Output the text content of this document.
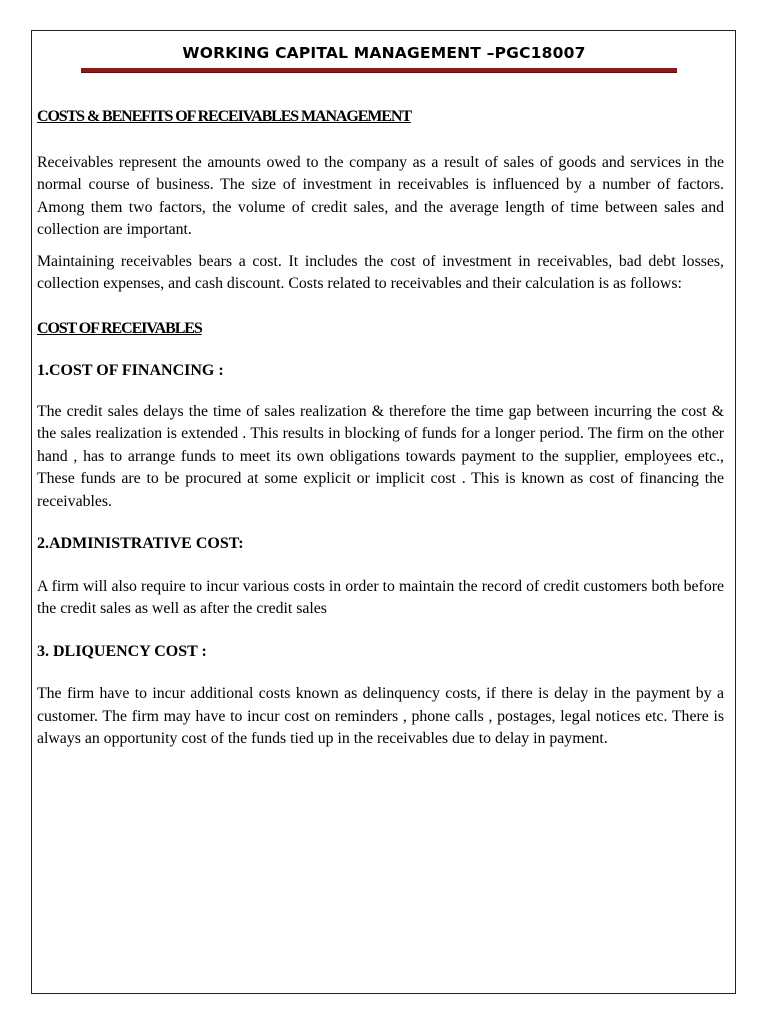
WORKING CAPITAL MANAGEMENT –PGC18007

COSTS & BENEFITS OF RECEIVABLES MANAGEMENT

Receivables represent the amounts owed to the company as a result of sales of goods and services in the normal course of business. The size of investment in receivables is influenced by a number of factors. Among them two factors, the volume of credit sales, and the average length of time between sales and collection are important.

Maintaining receivables bears a cost. It includes the cost of investment in receivables, bad debt losses, collection expenses, and cash discount. Costs related to receivables and their calculation is as follows:

COST OF RECEIVABLES

1.COST OF FINANCING :

The credit sales delays the time of sales realization & therefore the time gap between incurring the cost & the sales realization is extended . This results in blocking of funds for a longer period. The firm on the other hand , has to arrange funds to meet its own obligations towards payment to the supplier, employees etc., These funds are to be procured at some explicit or implicit cost . This is known as cost of financing the receivables.

2.ADMINISTRATIVE COST:

A firm will also require to incur various costs in order to maintain the record of credit customers both before the credit sales as well as after the credit sales

3. DLIQUENCY COST :

The firm have to incur additional costs known as delinquency costs, if there is delay in the payment by a customer. The firm may have to incur cost on reminders , phone calls , postages, legal notices etc. There is always an opportunity cost of the funds tied up in the receivables due to delay in payment.
